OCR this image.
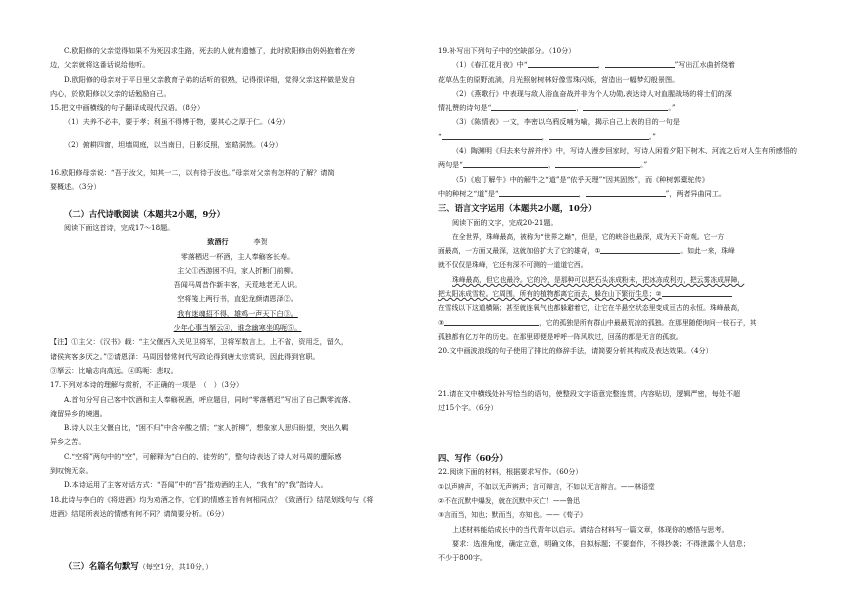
C.欧阳修的父亲觉得如果不为死囚求生路，死去的人就有遗憾了，此时欧阳修由奶妈抱着在旁
边，父亲就将这番话说给他听。
D.欧阳修的母亲对于平日里父亲教育子弟的话听的很熟，记得很详细，觉得父亲这样做是发自
内心，於欧阳修以父亲的话勉励自己。
15.把文中画横线的句子翻译成现代汉语。（8分）
（1）夫养不必丰，要于孝；利虽不得博于物，要其心之厚于仁。（4分）
（2）俯耕四窗，坦墙周庭，以当南日，日影反照，室皓洞然。（4分）
16.欧阳修母亲说：“吾于汝父，知其一二，以有待于汝也。”母亲对父亲有怎样的了解？请简
要概述。（3分）
（二）古代诗歌阅读（本题共2小题，9分）
阅读下面这首诗，完成17～18题。
致酒行	李贺
零落栖迟一杯酒，主人奉觞客长寿。
主父①西游困不归，家人折断门前柳。
吾闻马周昔作新丰客，天荒地老无人识。
空将笺上两行书，直犯龙颜请恩泽②。
我有迷魂招不得，雄鸡一声天下白③。
少年心事当拏云④，谁念幽寒坐呜呃⑤。
【注】①主父：《汉书》载：“主父偃西入关见卫将军，卫将军数言上，上不省，资用乏，留久，
诸侯宾客多厌之。”②请恩泽：马周因替常何代写政论得到唐太宗赏识，因此得到官职。
③拏云：比喻志向高远。④呜呃：悲叹。
17.下列对本诗的理解与赏析，不正确的一项是　（　）（3分）
A.首句分写自己客中饮酒和主人奉觞祝酒，呼应题目，同时“零落栖迟”写出了自己飘零流落、
淹留异乡的境遇。
B.诗人以主父偃自比，“困不归”中含辛酸之情；“家人折柳”，想象家人思归盼望，突出久羁
异乡之苦。
C.“空将”两句中的“空”，可解释为“白白的、徒劳的”，整句诗表达了诗人对马周的遭际感
到叹惋无奈。
D.本诗运用了主客对话方式：“吾闻”中的“吾”指劝酒的主人，“我有”的“我”指诗人。
18.此诗与李白的《将进酒》均为劝酒之作，它们的情感主旨有何相同点？《致酒行》结尾划线句与《将
进酒》结尾所表达的情感有何不同？请简要分析。（6分）
（三）名篇名句默写（每空1分，共10分，）
19.补写出下列句子中的空缺部分。（10分）
（1）《春江花月夜》中“	，	”写出江水曲折绕着
花草丛生的原野流淌，月光照射树林好像雪珠闪烁，营造出一幅梦幻般景图。
（2）《燕歌行》中表现与敌人浴血奋战并非为个人功勋,表达诗人对血腥战场的将士们的深
情礼赞的诗句是“	，	。”
（3）《陈情表》一文，李密以乌鸦反哺为喻，揭示自己上表的目的一句是
“	，	。”
（4）陶渊明《归去来兮辞并序》中，写诗人漫步回家时，写诗人闲看夕阳下树木、河流之后对人生有所感悟的
两句是“	，	。”
（5）《庖丁解牛》中的解牛之“道”是“依乎天理”“因其固然”，而《种树郭橐驼传》
中的种树之“道”是“	，	”，两者异曲同工。
三、语言文字运用（本题共2小题，10分）
阅读下面的文字，完成20-21题。
在全世界，珠峰最高，被称为“世界之巅”，但是，它的峡谷也最深，成为天下奇观。它一方
面最高，一方面又最深，这就加倍扩大了它的雄奇，①	。如此一来，珠峰
就不仅仅是珠峰，它还有深不可测的一道道它西。
珠峰最高，但它也最冷。它的冷，是那种可以把石头冻成粉末，把冰冻成利刃，把云雾冻成屏障，
把太阳冻成雪粒。它周围，所有的植物都离它而去，躲在山下繁衍生息；②
在雪线以下这道横隔；甚至就连氧气也都躲避着它，让它在半悬空状态里变成亘古的永恒。珠峰最高，
③	，它的孤独是所有群山中最最荒凉的孤独。在那里随便询问一枝石子，其
孤独都有亿万年的历史。在那里即便是呼呼一阵风吹过，回荡的都是无言的孤寂。
20.文中画波浪线的句子使用了排比的修辞手法，请简要分析其构成及表达效果。（4分）
21.请在文中横线处补写恰当的语句，使整段文字语意完整连贯，内容贴切，逻辑严密，每处不超
过15个字。（6分）
四、写作（60分）
22.阅读下面的材料，根据要求写作。（60分）
①以声辨声，不如以无声辨声；言可辩言，不如以无言辩言。——林语堂
②不在沉默中爆发，就在沉默中灭亡！——鲁迅
③言而当，知也；默而当，亦知也。——《荀子》
上述材料能给成长中的当代青年以启示。请结合材料写一篇文章，体现你的感悟与思考。
要求：选准角度，确定立意，明确文体，自拟标题；不要套作，不得抄袭；不得泄露个人信息；
不少于800字。
